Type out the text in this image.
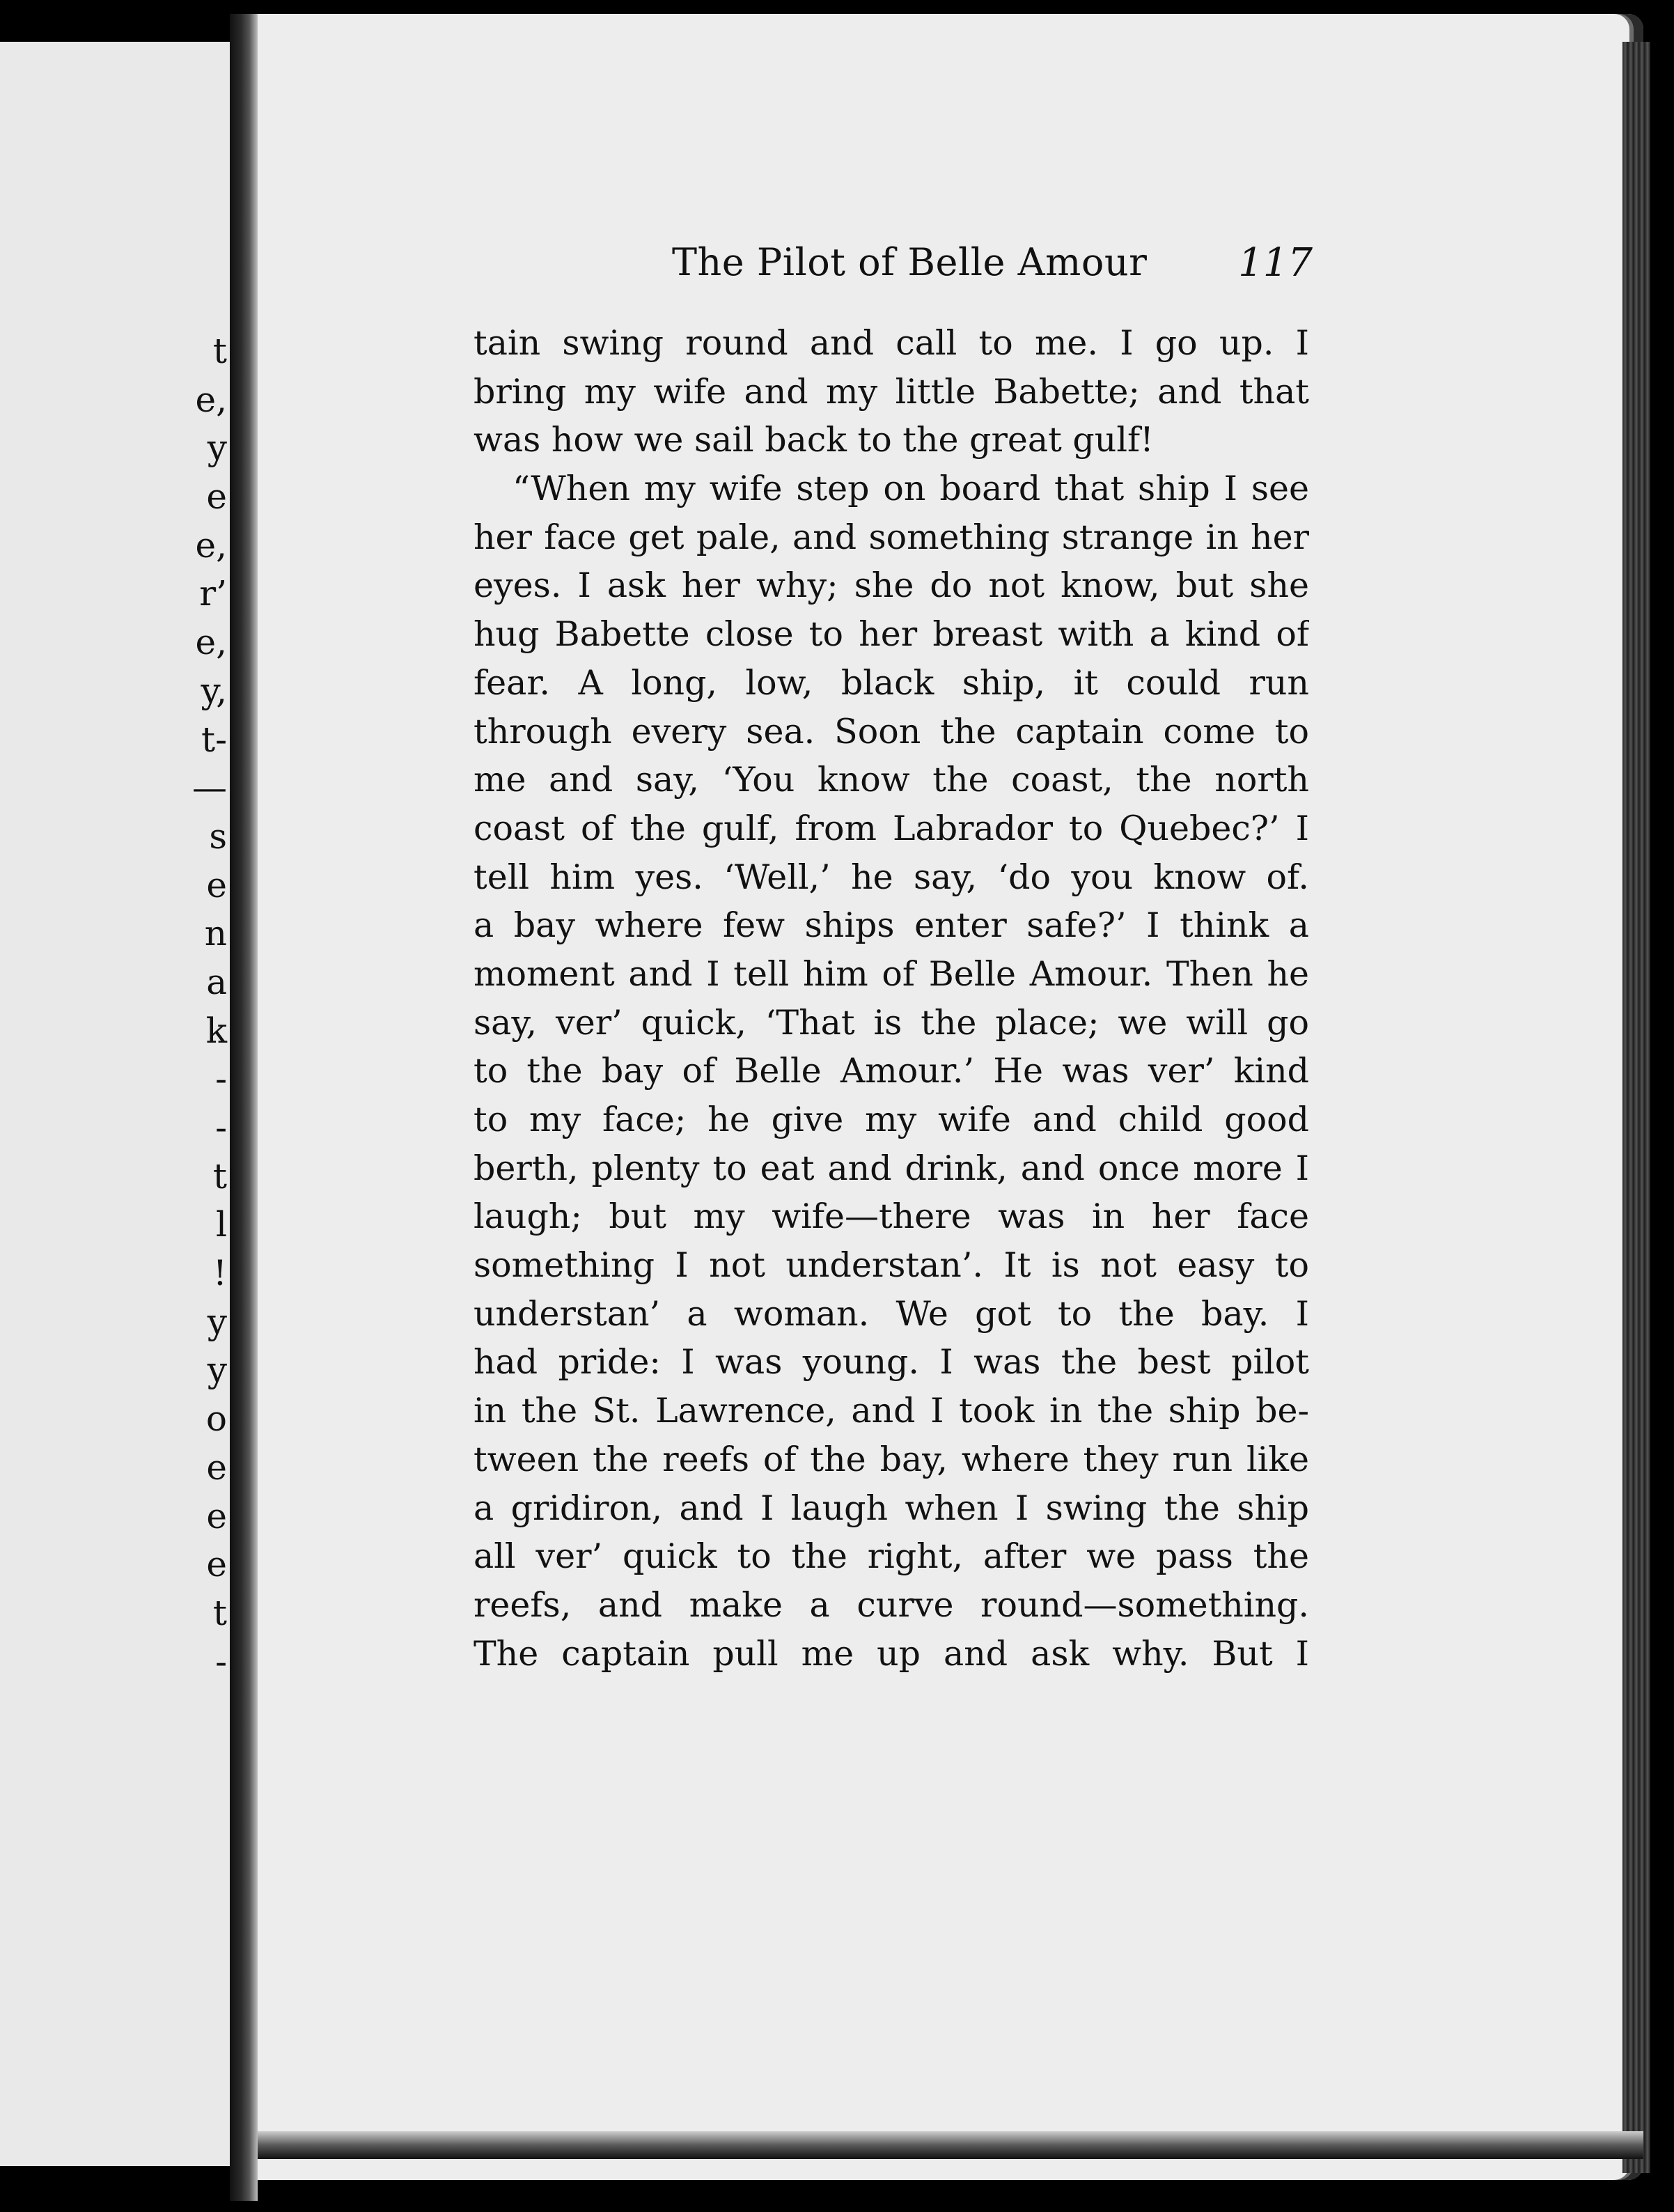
t
e,
y
e
e,
r’
e,
y,
t-
—
s
e
n
a
k
-
-
t
l
!
y
y
o
e
e
e
t
-
The Pilot of Belle Amour 117
tain swing round and call to me. I go up. I
bring my wife and my little Babette; and that
was how we sail back to the great gulf!
“When my wife step on board that ship I see
her face get pale, and something strange in her
eyes. I ask her why; she do not know, but she
hug Babette close to her breast with a kind of
fear. A long, low, black ship, it could run
through every sea. Soon the captain come to
me and say, ‘You know the coast, the north
coast of the gulf, from Labrador to Quebec?’ I
tell him yes. ‘Well,’ he say, ‘do you know of.
a bay where few ships enter safe?’ I think a
moment and I tell him of Belle Amour. Then he
say, ver’ quick, ‘That is the place; we will go
to the bay of Belle Amour.’ He was ver’ kind
to my face; he give my wife and child good
berth, plenty to eat and drink, and once more I
laugh; but my wife—there was in her face
something I not understan’. It is not easy to
understan’ a woman. We got to the bay. I
had pride: I was young. I was the best pilot
in the St. Lawrence, and I took in the ship be-
tween the reefs of the bay, where they run like
a gridiron, and I laugh when I swing the ship
all ver’ quick to the right, after we pass the
reefs, and make a curve round—something.
The captain pull me up and ask why. But I
